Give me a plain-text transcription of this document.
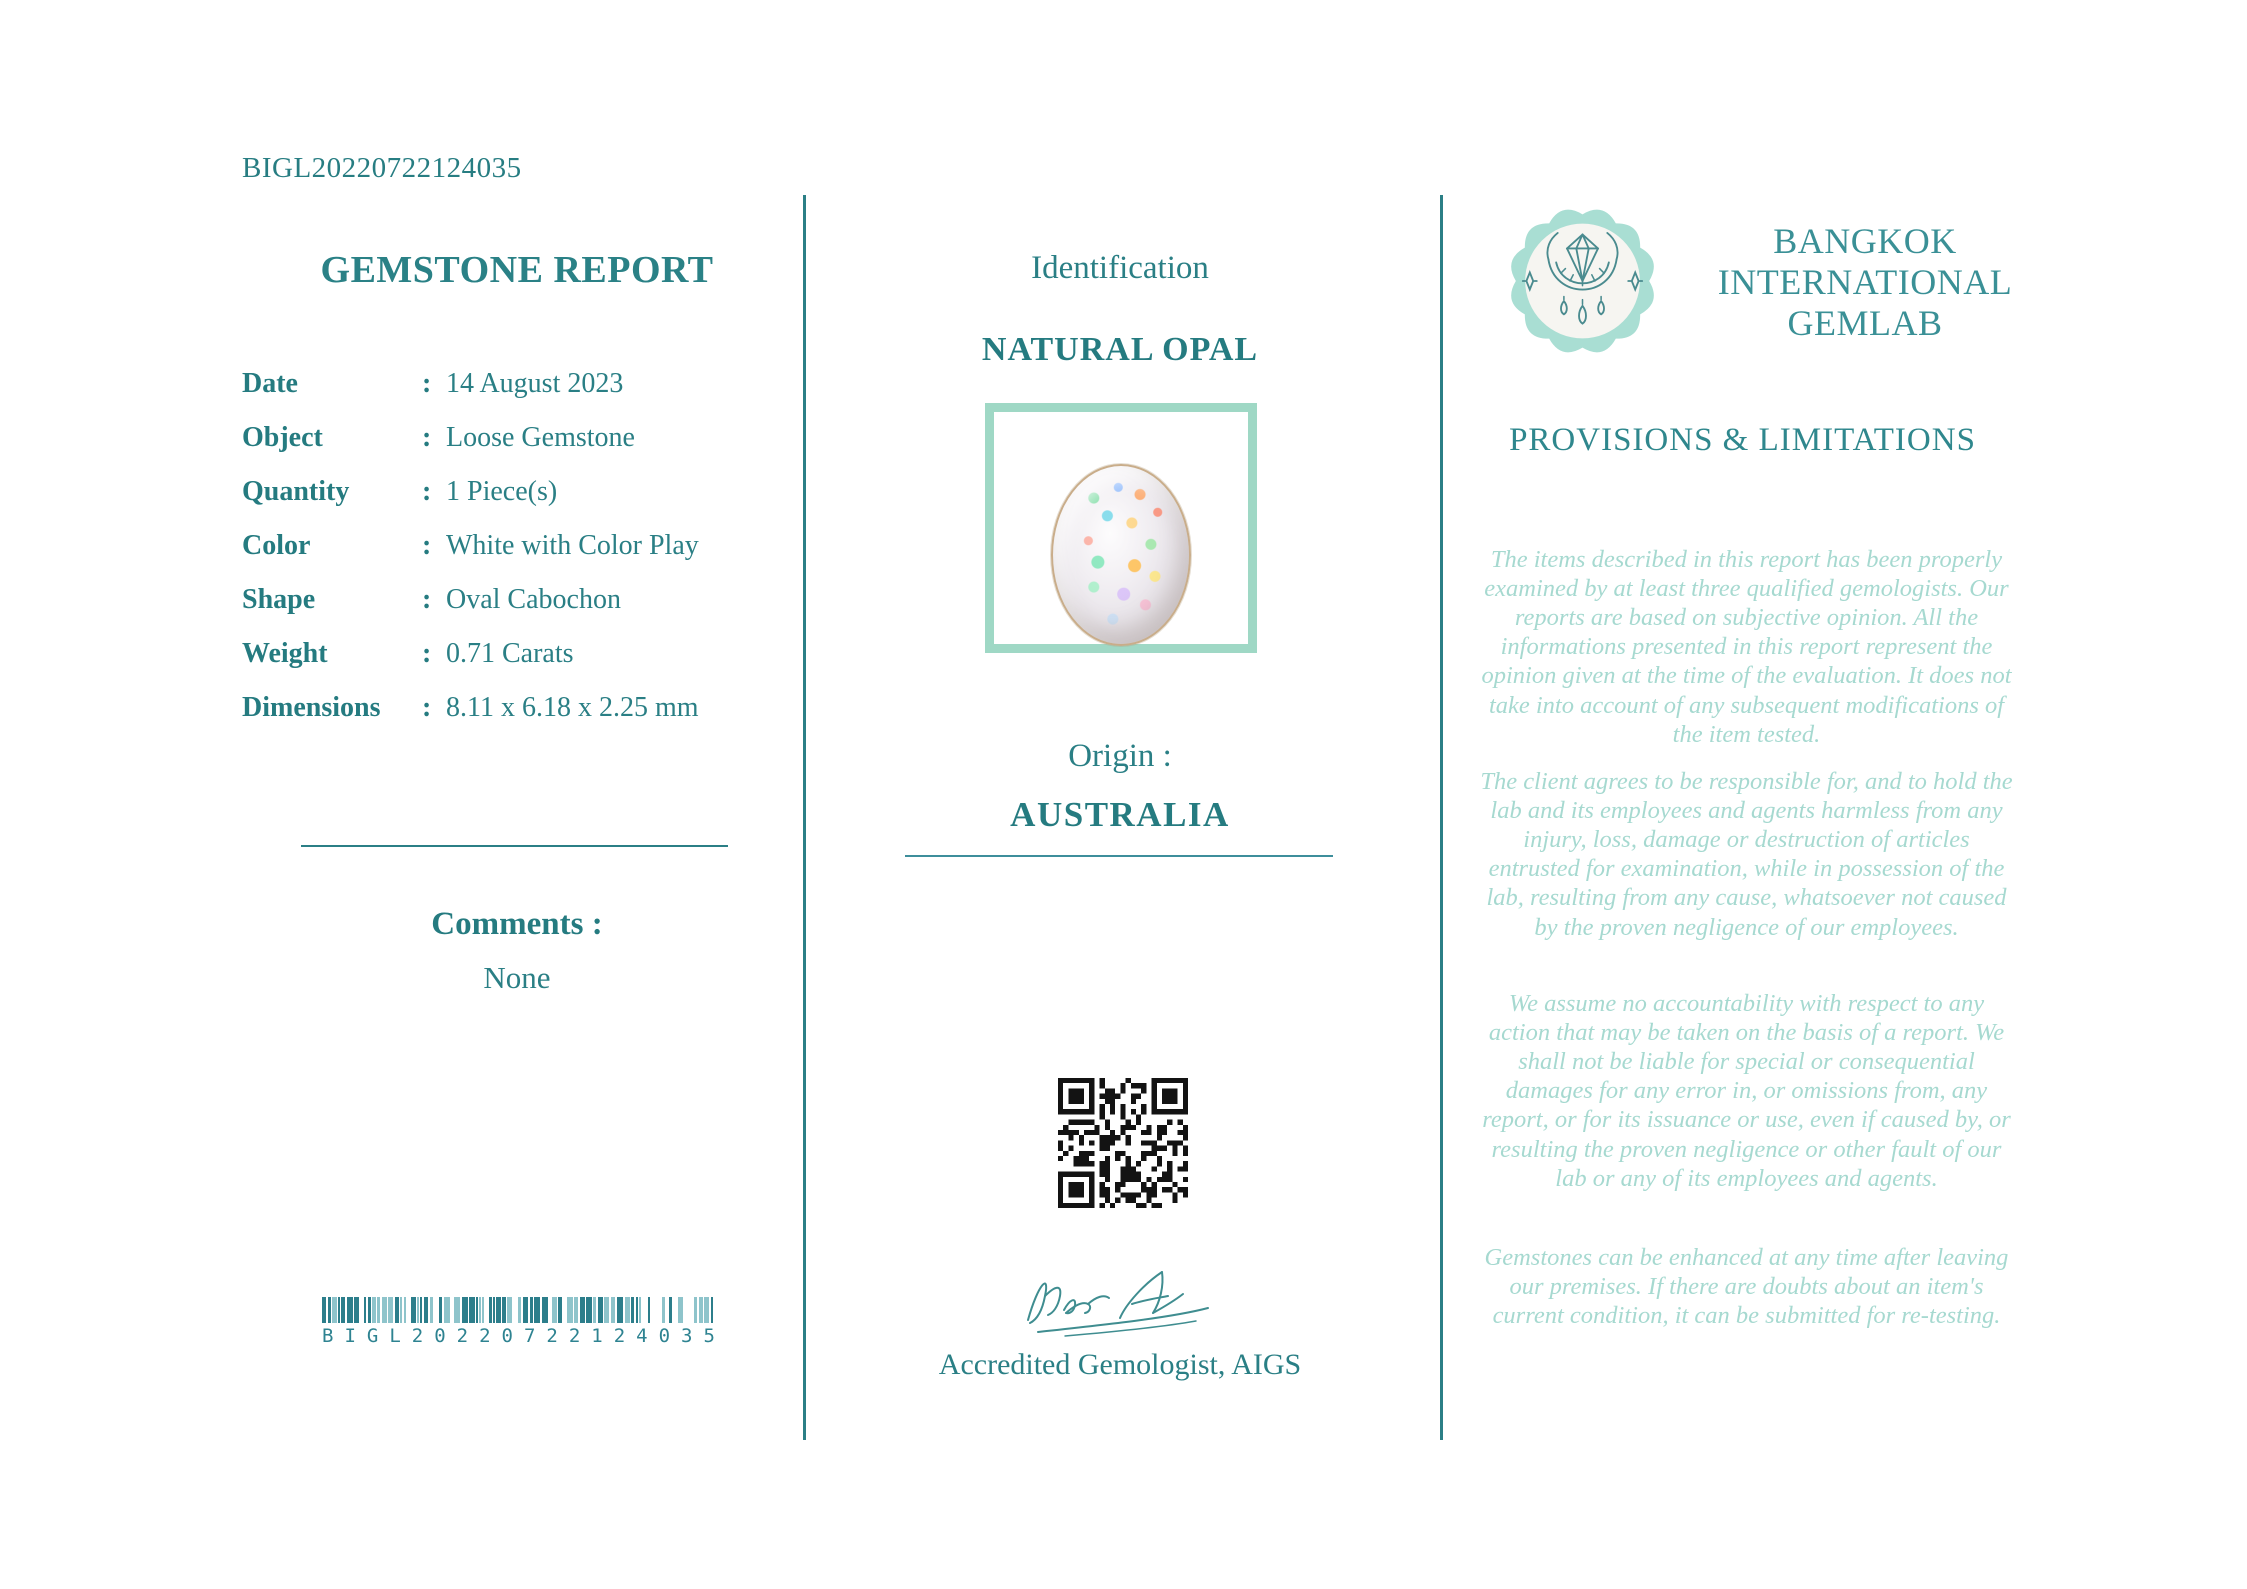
BIGL20220722124035
GEMSTONE REPORT
Date	: 14 August 2023
Object	: Loose Gemstone
Quantity	: 1 Piece(s)
Color	: White with Color Play
Shape	: Oval Cabochon
Weight	: 0.71 Carats
Dimensions	: 8.11 x 6.18 x 2.25 mm
Comments :
None
BIGL20220722124035
Identification
NATURAL OPAL
Origin :
AUSTRALIA
Accredited Gemologist, AIGS
BANGKOK
INTERNATIONAL
GEMLAB
PROVISIONS & LIMITATIONS

The items described in this report has been properly examined by at least three qualified gemologists. Our reports are based on subjective opinion. All the informations presented in this report represent the opinion given at the time of the evaluation. It does not take into account of any subsequent modifications of the item tested.

The client agrees to be responsible for, and to hold the lab and its employees and agents harmless from any injury, loss, damage or destruction of articles entrusted for examination, while in possession of the lab, resulting from any cause, whatsoever not caused by the proven negligence of our employees.

We assume no accountability with respect to any action that may be taken on the basis of a report. We shall not be liable for special or consequential damages for any error in, or omissions from, any report, or for its issuance or use, even if caused by, or resulting the proven negligence or other fault of our lab or any of its employees and agents.

Gemstones can be enhanced at any time after leaving our premises. If there are doubts about an item's current condition, it can be submitted for re-testing.
